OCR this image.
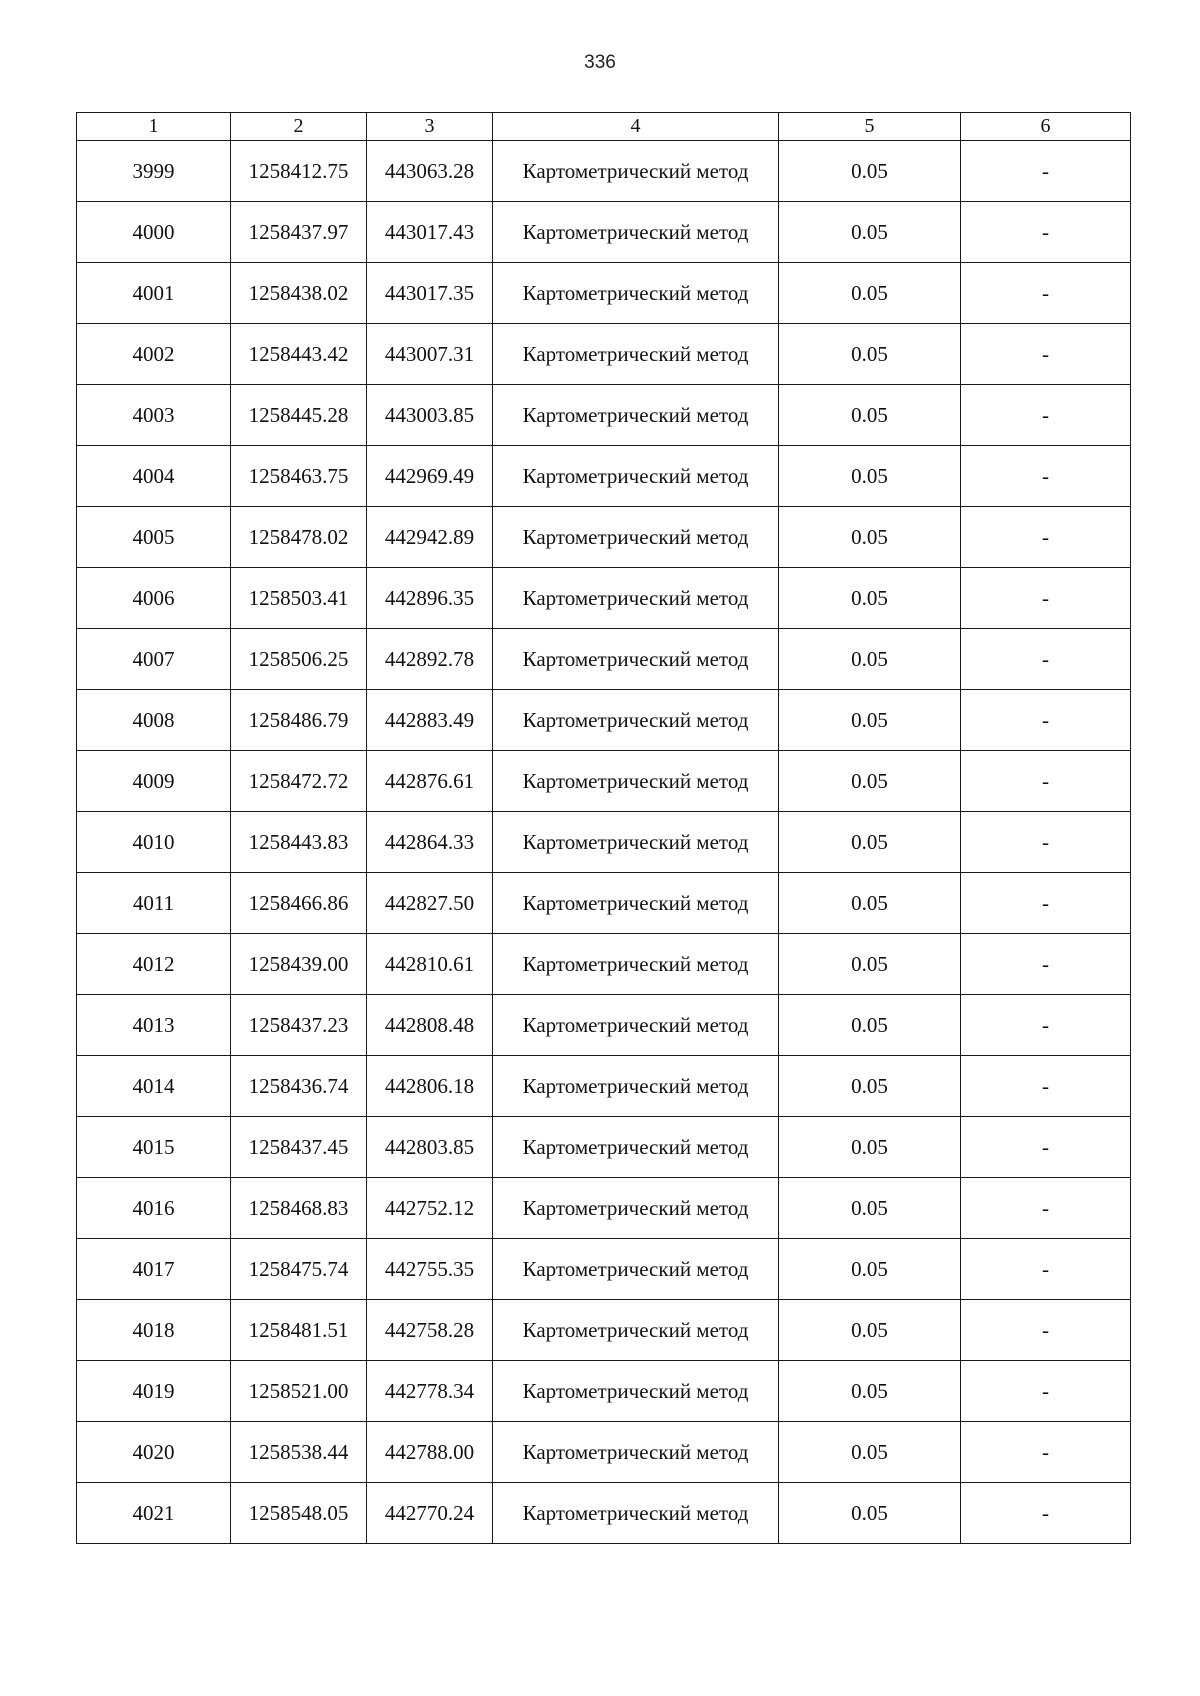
336
1	2	3	4	5	6
3999	1258412.75	443063.28	Картометрический метод	0.05	-
4000	1258437.97	443017.43	Картометрический метод	0.05	-
4001	1258438.02	443017.35	Картометрический метод	0.05	-
4002	1258443.42	443007.31	Картометрический метод	0.05	-
4003	1258445.28	443003.85	Картометрический метод	0.05	-
4004	1258463.75	442969.49	Картометрический метод	0.05	-
4005	1258478.02	442942.89	Картометрический метод	0.05	-
4006	1258503.41	442896.35	Картометрический метод	0.05	-
4007	1258506.25	442892.78	Картометрический метод	0.05	-
4008	1258486.79	442883.49	Картометрический метод	0.05	-
4009	1258472.72	442876.61	Картометрический метод	0.05	-
4010	1258443.83	442864.33	Картометрический метод	0.05	-
4011	1258466.86	442827.50	Картометрический метод	0.05	-
4012	1258439.00	442810.61	Картометрический метод	0.05	-
4013	1258437.23	442808.48	Картометрический метод	0.05	-
4014	1258436.74	442806.18	Картометрический метод	0.05	-
4015	1258437.45	442803.85	Картометрический метод	0.05	-
4016	1258468.83	442752.12	Картометрический метод	0.05	-
4017	1258475.74	442755.35	Картометрический метод	0.05	-
4018	1258481.51	442758.28	Картометрический метод	0.05	-
4019	1258521.00	442778.34	Картометрический метод	0.05	-
4020	1258538.44	442788.00	Картометрический метод	0.05	-
4021	1258548.05	442770.24	Картометрический метод	0.05	-
